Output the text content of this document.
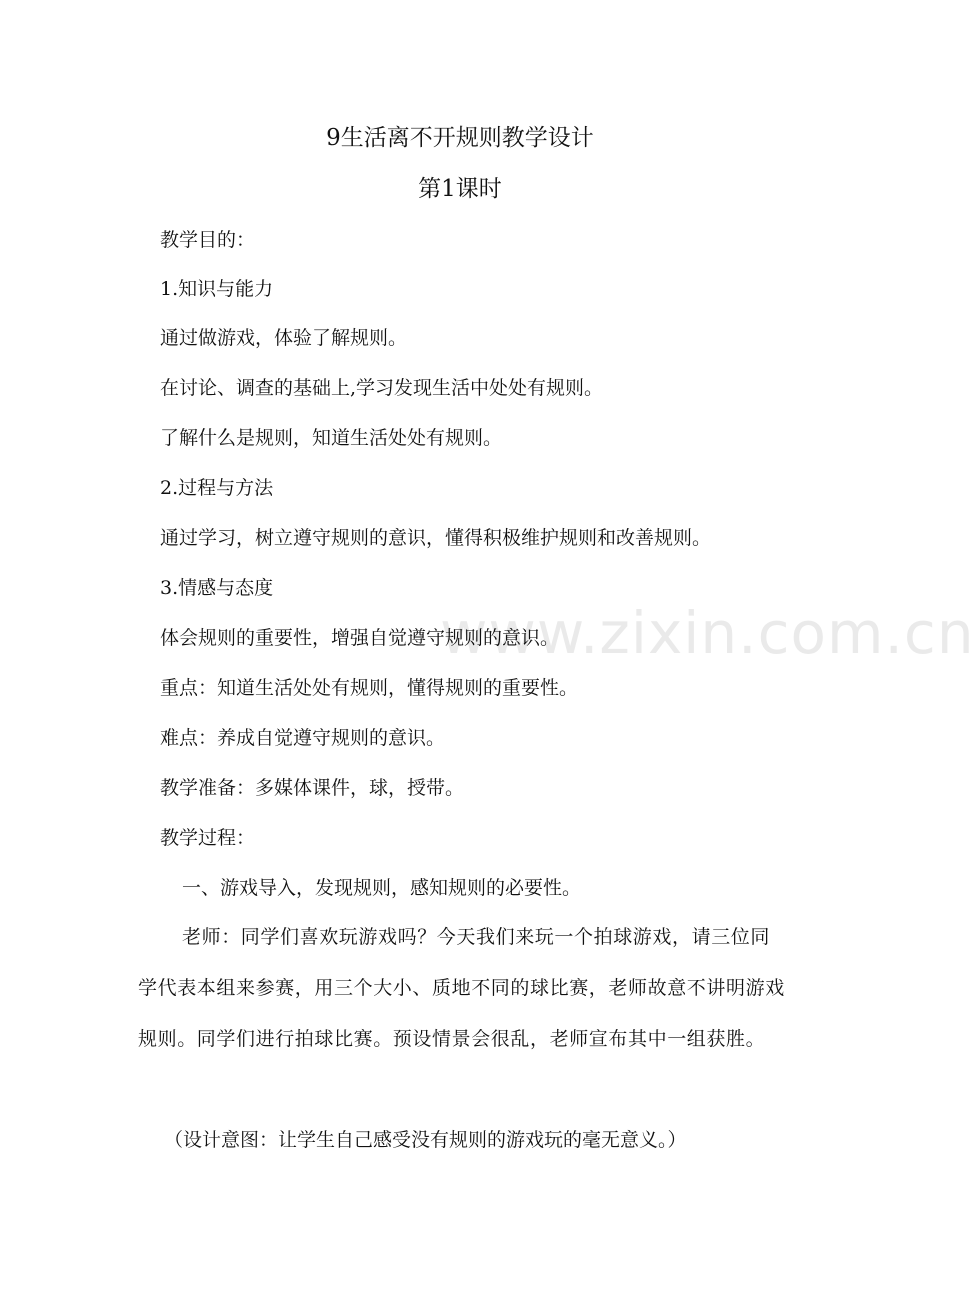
www.zixin.com.cn
9生活离不开规则教学设计
第1课时
教学目的：
1.知识与能力
通过做游戏，体验了解规则。
在讨论、调查的基础上,学习发现生活中处处有规则。
了解什么是规则，知道生活处处有规则。
2.过程与方法
通过学习，树立遵守规则的意识，懂得积极维护规则和改善规则。
3.情感与态度
体会规则的重要性，增强自觉遵守规则的意识。
重点：知道生活处处有规则，懂得规则的重要性。
难点：养成自觉遵守规则的意识。
教学准备：多媒体课件，球，授带。
教学过程：
一、游戏导入，发现规则，感知规则的必要性。
老师：同学们喜欢玩游戏吗？今天我们来玩一个拍球游戏，请三位同学代表本组来参赛，用三个大小、质地不同的球比赛，老师故意不讲明游戏规则。同学们进行拍球比赛。预设情景会很乱，老师宣布其中一组获胜。
（设计意图：让学生自己感受没有规则的游戏玩的毫无意义。）
